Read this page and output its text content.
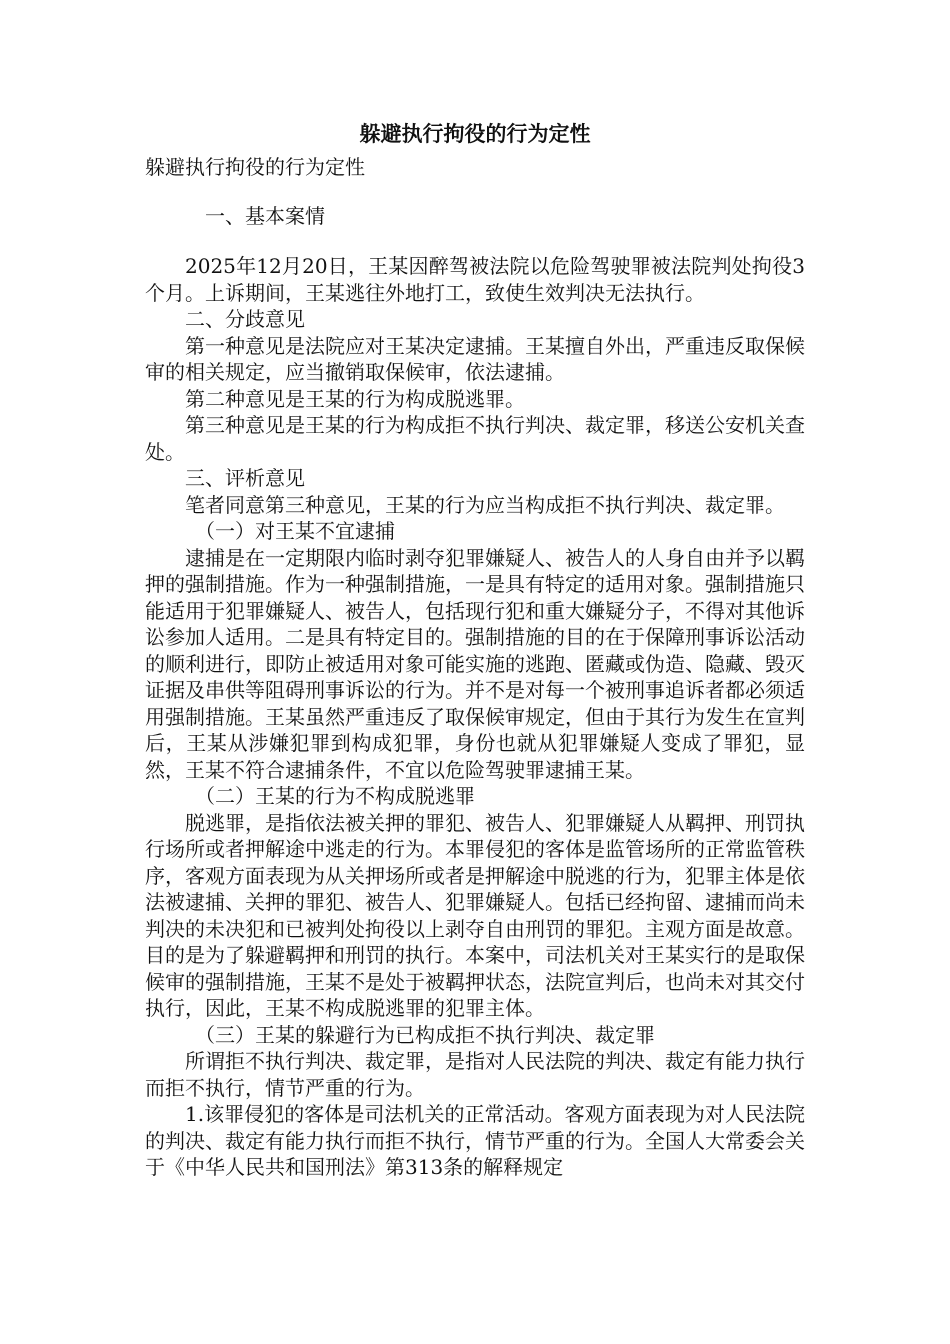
躲避执行拘役的行为定性

躲避执行拘役的行为定性

一、基本案情

2025年12月20日，王某因醉驾被法院以危险驾驶罪被法院判处拘役3个月。上诉期间，王某逃往外地打工，致使生效判决无法执行。

二、分歧意见

第一种意见是法院应对王某决定逮捕。王某擅自外出，严重违反取保候审的相关规定，应当撤销取保候审，依法逮捕。

第二种意见是王某的行为构成脱逃罪。

第三种意见是王某的行为构成拒不执行判决、裁定罪，移送公安机关查处。

三、评析意见

笔者同意第三种意见，王某的行为应当构成拒不执行判决、裁定罪。

（一）对王某不宜逮捕

逮捕是在一定期限内临时剥夺犯罪嫌疑人、被告人的人身自由并予以羁押的强制措施。作为一种强制措施，一是具有特定的适用对象。强制措施只能适用于犯罪嫌疑人、被告人，包括现行犯和重大嫌疑分子，不得对其他诉讼参加人适用。二是具有特定目的。强制措施的目的在于保障刑事诉讼活动的顺利进行，即防止被适用对象可能实施的逃跑、匿藏或伪造、隐藏、毁灭证据及串供等阻碍刑事诉讼的行为。并不是对每一个被刑事追诉者都必须适用强制措施。王某虽然严重违反了取保候审规定，但由于其行为发生在宣判后，王某从涉嫌犯罪到构成犯罪，身份也就从犯罪嫌疑人变成了罪犯，显然，王某不符合逮捕条件，不宜以危险驾驶罪逮捕王某。

（二）王某的行为不构成脱逃罪

脱逃罪，是指依法被关押的罪犯、被告人、犯罪嫌疑人从羁押、刑罚执行场所或者押解途中逃走的行为。本罪侵犯的客体是监管场所的正常监管秩序，客观方面表现为从关押场所或者是押解途中脱逃的行为，犯罪主体是依法被逮捕、关押的罪犯、被告人、犯罪嫌疑人。包括已经拘留、逮捕而尚未判决的未决犯和已被判处拘役以上剥夺自由刑罚的罪犯。主观方面是故意。目的是为了躲避羁押和刑罚的执行。本案中，司法机关对王某实行的是取保候审的强制措施，王某不是处于被羁押状态，法院宣判后，也尚未对其交付执行，因此，王某不构成脱逃罪的犯罪主体。

（三）王某的躲避行为已构成拒不执行判决、裁定罪

所谓拒不执行判决、裁定罪，是指对人民法院的判决、裁定有能力执行而拒不执行，情节严重的行为。

1.该罪侵犯的客体是司法机关的正常活动。客观方面表现为对人民法院的判决、裁定有能力执行而拒不执行，情节严重的行为。全国人大常委会关于《中华人民共和国刑法》第313条的解释规定
